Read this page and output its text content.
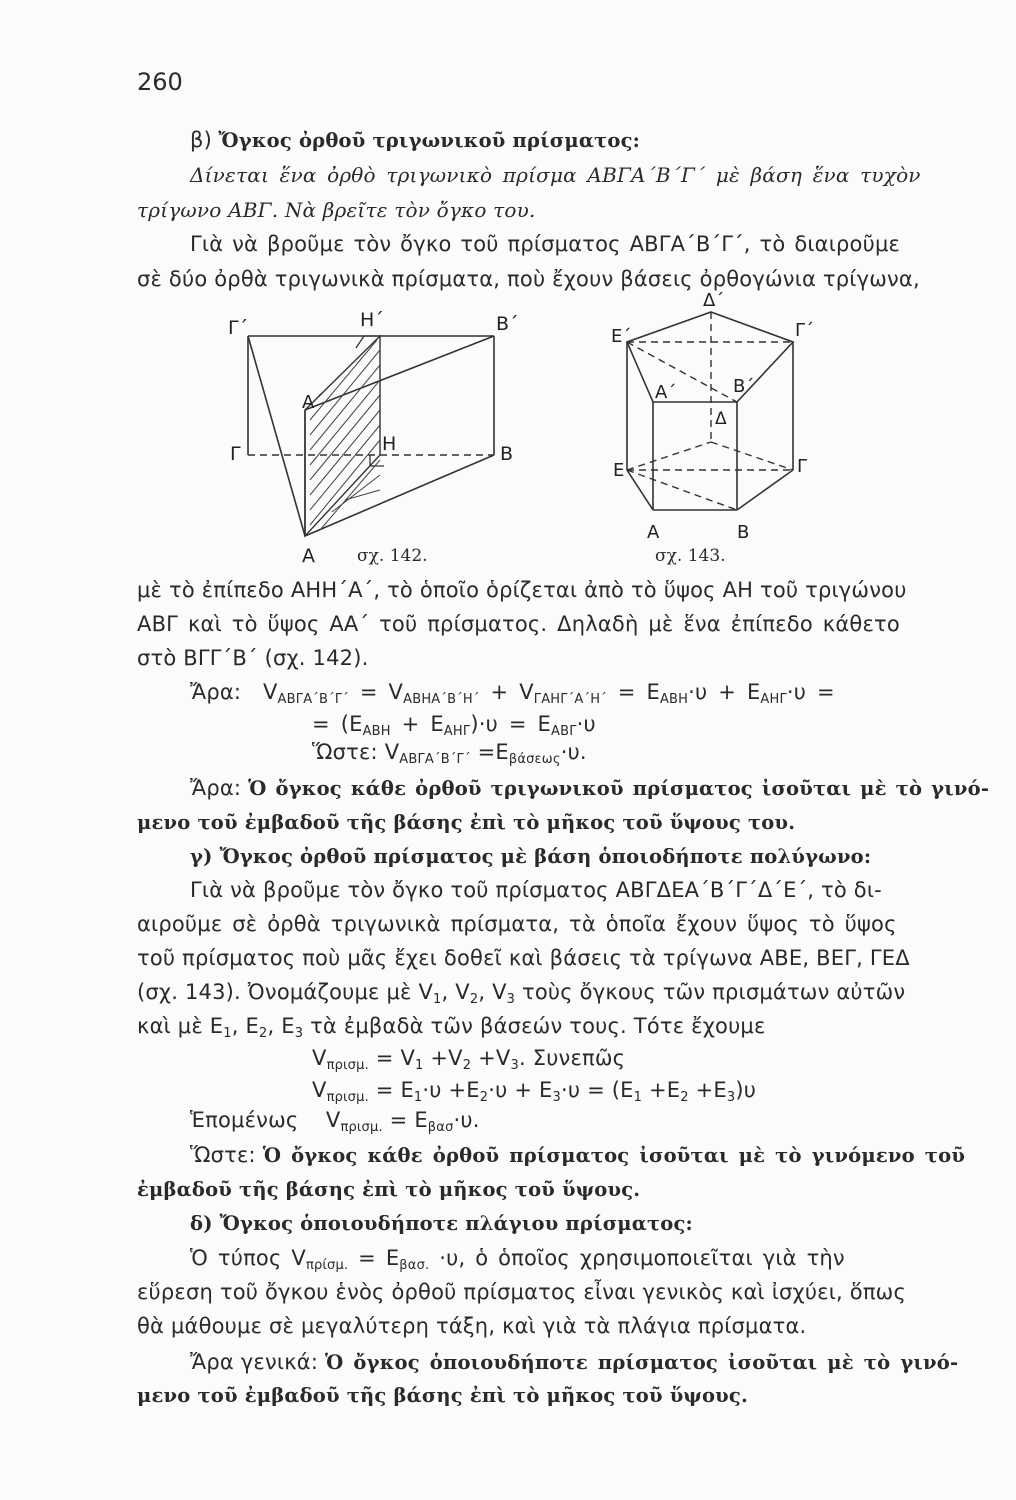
260
β) Ὄγκος ὀρθοῦ τριγωνικοῦ πρίσματος:
Δίνεται ἕνα ὀρθὸ τριγωνικὸ πρίσμα ΑΒΓΑ΄Β΄Γ΄ μὲ βάση ἕνα τυχὸν
τρίγωνο ΑΒΓ. Νὰ βρεῖτε τὸν ὄγκο του.
Γιὰ νὰ βροῦμε τὸν ὄγκο τοῦ πρίσματος ΑΒΓΑ΄Β΄Γ΄, τὸ διαιροῦμε
σὲ δύο ὀρθὰ τριγωνικὰ πρίσματα, ποὺ ἔχουν βάσεις ὀρθογώνια τρίγωνα,
Γ΄	Η΄	Β΄
Α΄
Γ	Η	Β
Α σχ. 142.
Δ΄
Ε΄	Γ΄
Α΄	Β΄
Δ
Ε	Γ
Α	Β
σχ. 143.
μὲ τὸ ἐπίπεδο ΑΗΗ΄Α΄, τὸ ὁποῖο ὁρίζεται ἀπὸ τὸ ὕψος ΑΗ τοῦ τριγώνου
ΑΒΓ καὶ τὸ ὕψος ΑΑ΄ τοῦ πρίσματος. Δηλαδὴ μὲ ἕνα ἐπίπεδο κάθετο
στὸ ΒΓΓ΄Β΄ (σχ. 142).
Ἄρα: $V_{AB\Gamma A΄B΄\Gamma΄} = V_{ABHA΄B΄H΄} + V_{\Gamma AH\Gamma΄A΄H΄} = E_{ABH}\cdot\upsilon + E_{AH\Gamma}\cdot\upsilon$ =
= $(E_{ABH} + E_{AH\Gamma})\cdot\upsilon = E_{AB\Gamma}\cdot\upsilon$
Ὥστε: $V_{AB\Gamma A΄B΄\Gamma΄} =E_{\beta ά\sigma\varepsilon\omega\varsigma}\cdot\upsilon$.
Ἄρα: Ὁ ὄγκος κάθε ὀρθοῦ τριγωνικοῦ πρίσματος ἰσοῦται μὲ τὸ γινό-
μενο τοῦ ἐμβαδοῦ τῆς βάσης ἐπὶ τὸ μῆκος τοῦ ὕψους του.
γ) Ὄγκος ὀρθοῦ πρίσματος μὲ βάση ὁποιοδήποτε πολύγωνο:
Γιὰ νὰ βροῦμε τὸν ὄγκο τοῦ πρίσματος ΑΒΓΔΕΑ΄Β΄Γ΄Δ΄Ε΄, τὸ δι-
αιροῦμε σὲ ὀρθὰ τριγωνικὰ πρίσματα, τὰ ὁποῖα ἔχουν ὕψος τὸ ὕψος
τοῦ πρίσματος ποὺ μᾶς ἔχει δοθεῖ καὶ βάσεις τὰ τρίγωνα ΑΒΕ, ΒΕΓ, ΓΕΔ
(σχ. 143). Ὀνομάζουμε μὲ $V_1$, $V_2$, $V_3$ τοὺς ὄγκους τῶν πρισμάτων αὐτῶν
καὶ μὲ $E_1$, $E_2$, $E_3$ τὰ ἐμβαδὰ τῶν βάσεών τους. Τότε ἔχουμε
$V_{\pi\rho\iota\sigma\mu.} = V_1 +V_2 +V_3$. Συνεπῶς
$V_{\pi\rho\iota\sigma\mu.} = E_1\cdot\upsilon +E_2\cdot\upsilon + E_3\cdot\upsilon = (E_1 +E_2 +E_3)\upsilon$
Ἑπομένως    $V_{\pi\rho\iota\sigma\mu.} = E_{\beta\alpha\sigma}\cdot\upsilon$.
Ὥστε: Ὁ ὄγκος κάθε ὀρθοῦ πρίσματος ἰσοῦται μὲ τὸ γινόμενο τοῦ
ἐμβαδοῦ τῆς βάσης ἐπὶ τὸ μῆκος τοῦ ὕψους.
δ) Ὄγκος ὁποιουδήποτε πλάγιου πρίσματος:
Ὁ τύπος $V_{\pi\rho ί\sigma\mu.} = E_{\beta\alpha\sigma.} \cdot\upsilon$, ὁ ὁποῖος χρησιμοποιεῖται γιὰ τὴν
εὕρεση τοῦ ὄγκου ἑνὸς ὀρθοῦ πρίσματος εἶναι γενικὸς καὶ ἰσχύει, ὅπως
θὰ μάθουμε σὲ μεγαλύτερη τάξη, καὶ γιὰ τὰ πλάγια πρίσματα.
Ἄρα γενικά: Ὁ ὄγκος ὁποιουδήποτε πρίσματος ἰσοῦται μὲ τὸ γινό-
μενο τοῦ ἐμβαδοῦ τῆς βάσης ἐπὶ τὸ μῆκος τοῦ ὕψους.
